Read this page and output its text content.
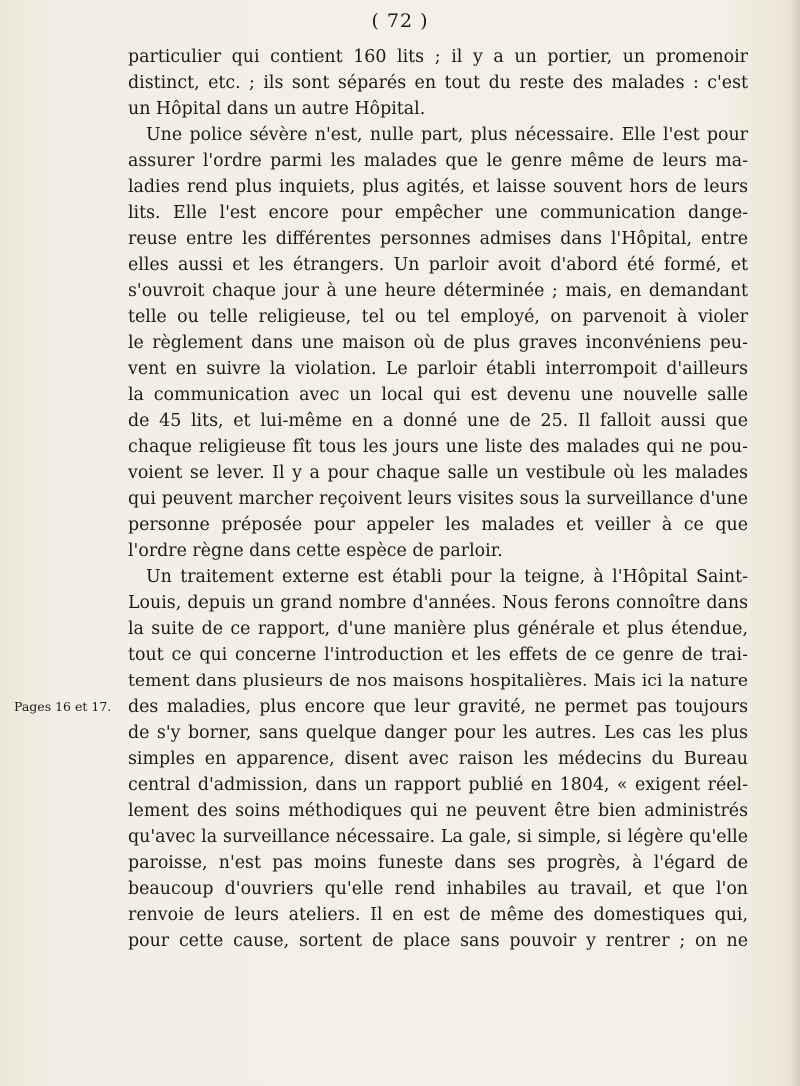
( 72 )
Pages 16 et 17.
particulier qui contient 160 lits ; il y a un portier, un promenoir
distinct, etc. ; ils sont séparés en tout du reste des malades : c'est
un Hôpital dans un autre Hôpital.
Une police sévère n'est, nulle part, plus nécessaire. Elle l'est pour
assurer l'ordre parmi les malades que le genre même de leurs ma-
ladies rend plus inquiets, plus agités, et laisse souvent hors de leurs
lits. Elle l'est encore pour empêcher une communication dange-
reuse entre les différentes personnes admises dans l'Hôpital, entre
elles aussi et les étrangers. Un parloir avoit d'abord été formé, et
s'ouvroit chaque jour à une heure déterminée ; mais, en demandant
telle ou telle religieuse, tel ou tel employé, on parvenoit à violer
le règlement dans une maison où de plus graves inconvéniens peu-
vent en suivre la violation. Le parloir établi interrompoit d'ailleurs
la communication avec un local qui est devenu une nouvelle salle
de 45 lits, et lui-même en a donné une de 25. Il falloit aussi que
chaque religieuse fît tous les jours une liste des malades qui ne pou-
voient se lever. Il y a pour chaque salle un vestibule où les malades
qui peuvent marcher reçoivent leurs visites sous la surveillance d'une
personne préposée pour appeler les malades et veiller à ce que
l'ordre règne dans cette espèce de parloir.
Un traitement externe est établi pour la teigne, à l'Hôpital Saint-
Louis, depuis un grand nombre d'années. Nous ferons connoître dans
la suite de ce rapport, d'une manière plus générale et plus étendue,
tout ce qui concerne l'introduction et les effets de ce genre de trai-
tement dans plusieurs de nos maisons hospitalières. Mais ici la nature
des maladies, plus encore que leur gravité, ne permet pas toujours
de s'y borner, sans quelque danger pour les autres. Les cas les plus
simples en apparence, disent avec raison les médecins du Bureau
central d'admission, dans un rapport publié en 1804, « exigent réel-
lement des soins méthodiques qui ne peuvent être bien administrés
qu'avec la surveillance nécessaire. La gale, si simple, si légère qu'elle
paroisse, n'est pas moins funeste dans ses progrès, à l'égard de
beaucoup d'ouvriers qu'elle rend inhabiles au travail, et que l'on
renvoie de leurs ateliers. Il en est de même des domestiques qui,
pour cette cause, sortent de place sans pouvoir y rentrer ; on ne
